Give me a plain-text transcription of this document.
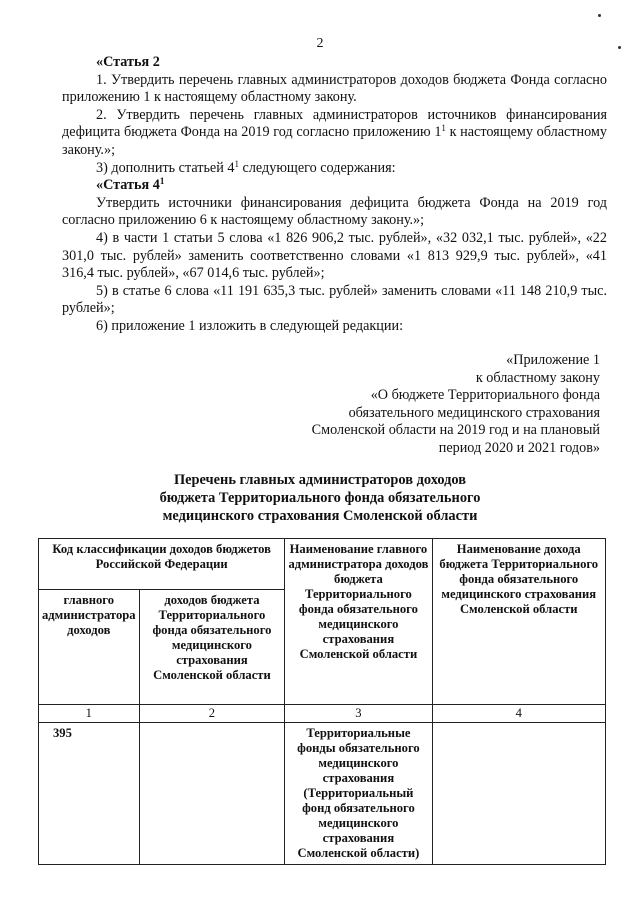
2

«Статья 2

1. Утвердить перечень главных администраторов доходов бюджета Фонда согласно приложению 1 к настоящему областному закону.

2. Утвердить перечень главных администраторов источников финансирования дефицита бюджета Фонда на 2019 год согласно приложению $1^1$ к настоящему областному закону.»;

3) дополнить статьей $4^1$ следующего содержания:

«Статья $4^1$

Утвердить источники финансирования дефицита бюджета Фонда на 2019 год согласно приложению 6 к настоящему областному закону.»;

4) в части 1 статьи 5 слова «1 826 906,2 тыс. рублей», «32 032,1 тыс. рублей», «22 301,0 тыс. рублей» заменить соответственно словами «1 813 929,9 тыс. рублей», «41 316,4 тыс. рублей», «67 014,6 тыс. рублей»;

5) в статье 6 слова «11 191 635,3 тыс. рублей» заменить словами «11 148 210,9 тыс. рублей»;

6) приложение 1 изложить в следующей редакции:

«Приложение 1
к областному закону
«О бюджете Территориального фонда
обязательного медицинского страхования
Смоленской области на 2019 год и на плановый
период 2020 и 2021 годов»
Перечень главных администраторов доходов
бюджета Территориального фонда обязательного
медицинского страхования Смоленской области
Код классификации доходов бюджетов Российской Федерации		Наименование главного администратора доходов бюджета Территориального фонда обязательного медицинского страхования Смоленской области	Наименование дохода бюджета Территориального фонда обязательного медицинского страхования Смоленской области
главного администратора доходов	доходов бюджета Территориального фонда обязательного медицинского страхования Смоленской области		
1	2	3	4
395		Территориальные фонды обязательного медицинского страхования (Территориальный фонд обязательного медицинского страхования Смоленской области)	
